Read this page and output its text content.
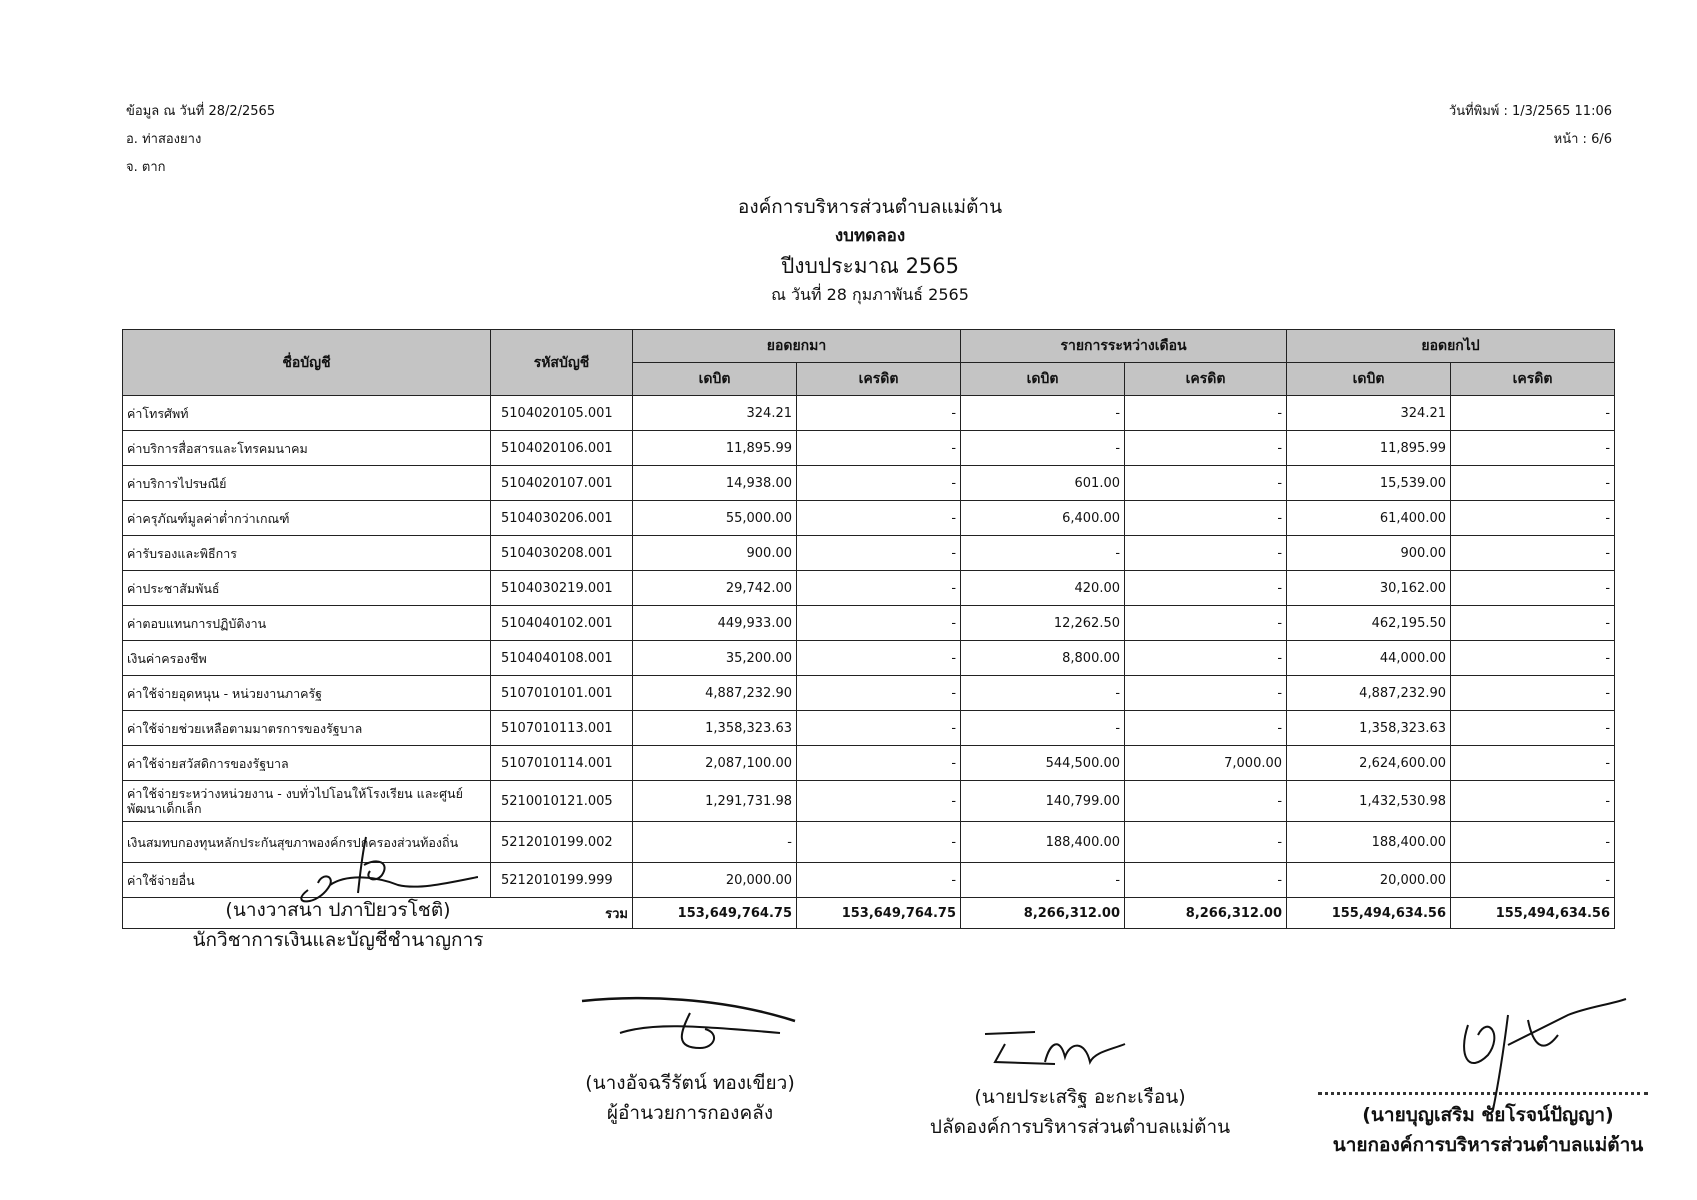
ข้อมูล ณ วันที่ 28/2/2565
อ. ท่าสองยาง
จ. ตาก
วันที่พิมพ์ : 1/3/2565 11:06
หน้า : 6/6
องค์การบริหารส่วนตำบลแม่ต้าน
งบทดลอง
ปีงบประมาณ 2565
ณ วันที่ 28 กุมภาพันธ์ 2565
ชื่อบัญชี	รหัสบัญชี	ยอดยกมา		รายการระหว่างเดือน		ยอดยกไป	
		เดบิต	เครดิต	เดบิต	เครดิต	เดบิต	เครดิต
ค่าโทรศัพท์	5104020105.001	324.21	-	-	-	324.21	-
ค่าบริการสื่อสารและโทรคมนาคม	5104020106.001	11,895.99	-	-	-	11,895.99	-
ค่าบริการไปรษณีย์	5104020107.001	14,938.00	-	601.00	-	15,539.00	-
ค่าครุภัณฑ์มูลค่าต่ำกว่าเกณฑ์	5104030206.001	55,000.00	-	6,400.00	-	61,400.00	-
ค่ารับรองและพิธีการ	5104030208.001	900.00	-	-	-	900.00	-
ค่าประชาสัมพันธ์	5104030219.001	29,742.00	-	420.00	-	30,162.00	-
ค่าตอบแทนการปฏิบัติงาน	5104040102.001	449,933.00	-	12,262.50	-	462,195.50	-
เงินค่าครองชีพ	5104040108.001	35,200.00	-	8,800.00	-	44,000.00	-
ค่าใช้จ่ายอุดหนุน - หน่วยงานภาครัฐ	5107010101.001	4,887,232.90	-	-	-	4,887,232.90	-
ค่าใช้จ่ายช่วยเหลือตามมาตรการของรัฐบาล	5107010113.001	1,358,323.63	-	-	-	1,358,323.63	-
ค่าใช้จ่ายสวัสดิการของรัฐบาล	5107010114.001	2,087,100.00	-	544,500.00	7,000.00	2,624,600.00	-
ค่าใช้จ่ายระหว่างหน่วยงาน - งบทั่วไปโอนให้โรงเรียน และศูนย์พัฒนาเด็กเล็ก	5210010121.005	1,291,731.98	-	140,799.00	-	1,432,530.98	-
เงินสมทบกองทุนหลักประกันสุขภาพองค์กรปกครองส่วนท้องถิ่น	5212010199.002	-	-	188,400.00	-	188,400.00	-
ค่าใช้จ่ายอื่น	5212010199.999	20,000.00	-	-	-	20,000.00	-
	รวม	153,649,764.75	153,649,764.75	8,266,312.00	8,266,312.00	155,494,634.56	155,494,634.56
(นางวาสนา ปภาปิยวรโชติ)
นักวิชาการเงินและบัญชีชำนาญการ
(นางอัจฉรีรัตน์ ทองเขียว)
ผู้อำนวยการกองคลัง
(นายประเสริฐ อะกะเรือน)
ปลัดองค์การบริหารส่วนตำบลแม่ต้าน
(นายบุญเสริม ชัยโรจน์ปัญญา)
นายกองค์การบริหารส่วนตำบลแม่ต้าน
